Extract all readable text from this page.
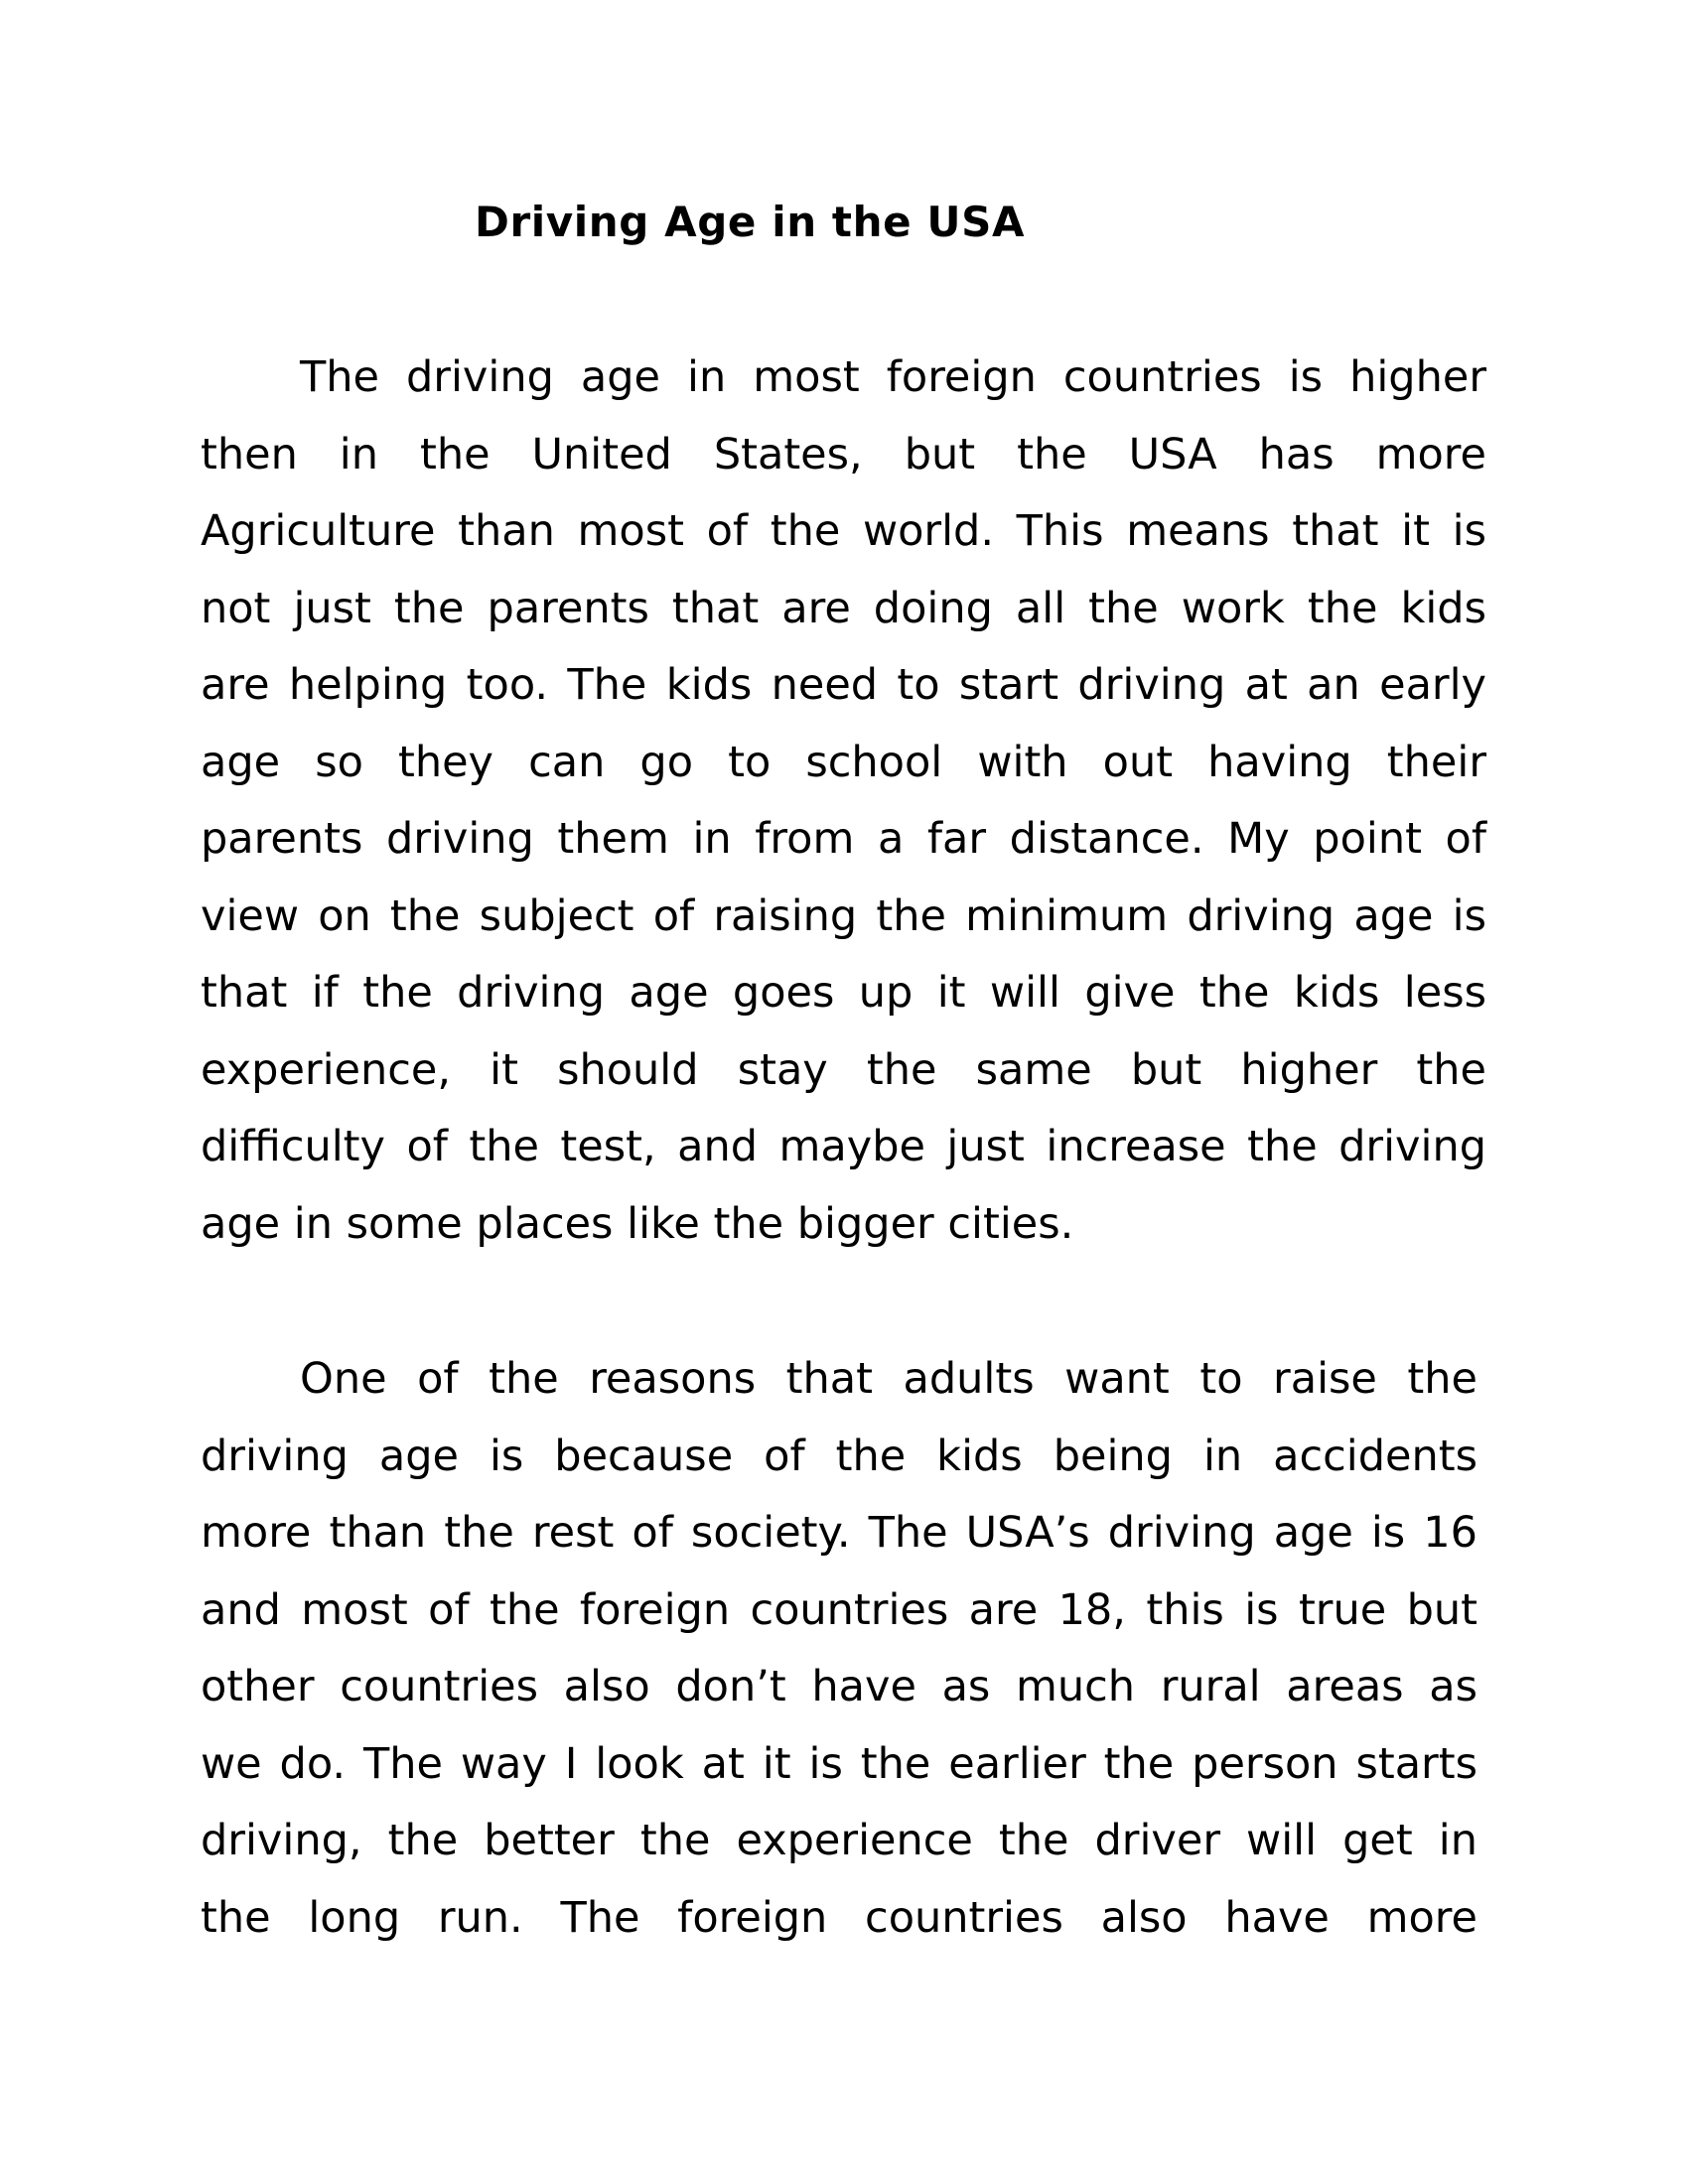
Driving Age in the USA
The driving age in most foreign countries is higher
then in the United States, but the USA has more
Agriculture than most of the world. This means that it is
not just the parents that are doing all the work the kids
are helping too. The kids need to start driving at an early
age so they can go to school with out having their
parents driving them in from a far distance. My point of
view on the subject of raising the minimum driving age is
that if the driving age goes up it will give the kids less
experience, it should stay the same but higher the
difficulty of the test, and maybe just increase the driving
age in some places like the bigger cities.
One of the reasons that adults want to raise the
driving age is because of the kids being in accidents
more than the rest of society. The USA’s driving age is 16
and most of the foreign countries are 18, this is true but
other countries also don’t have as much rural areas as
we do. The way I look at it is the earlier the person starts
driving, the better the experience the driver will get in
the long run. The foreign countries also have more
